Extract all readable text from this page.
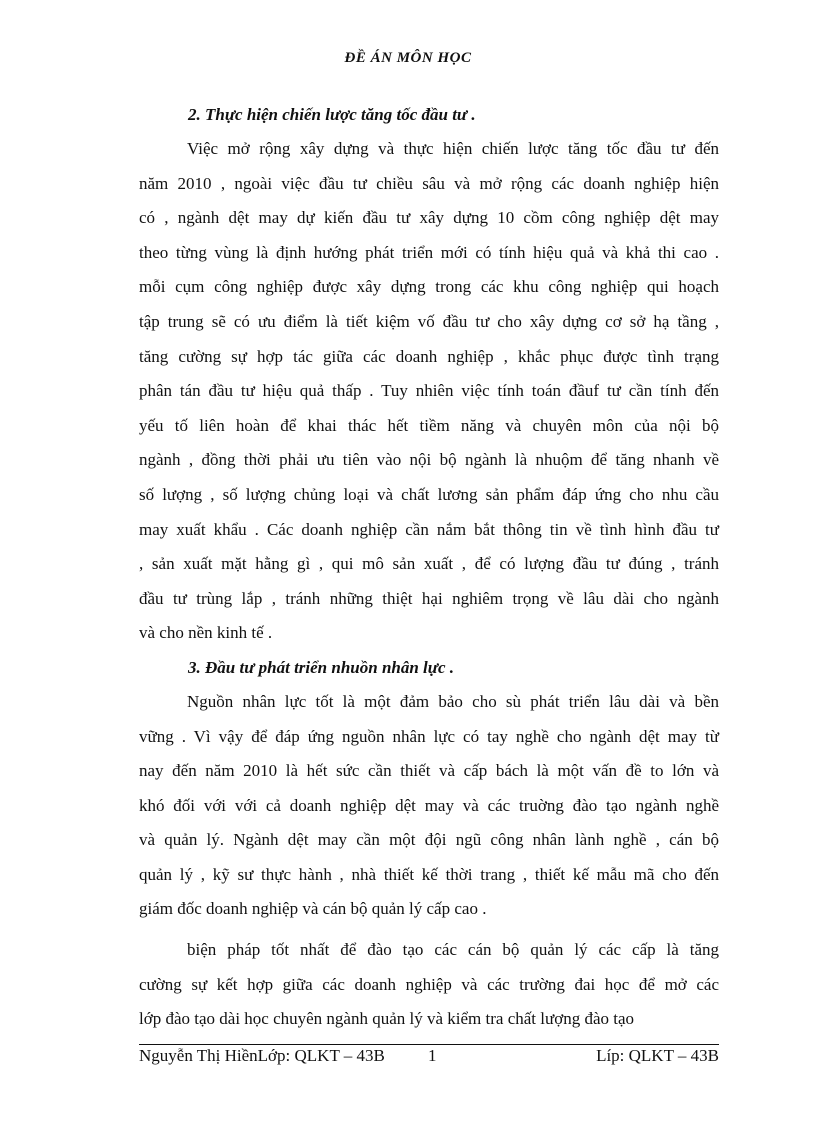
ĐỀ ÁN MÔN HỌC

2. Thực hiện chiến lược tăng tốc đầu tư .

Việc mở rộng xây dựng và thực hiện chiến lược tăng tốc đầu tư đến
năm 2010 , ngoài việc đầu tư chiều sâu và mở rộng các doanh nghiệp hiện
có , ngành dệt may dự kiến đầu tư xây dựng 10 cồm công nghiệp dệt may
theo từng vùng là định hướng phát triển mới có tính hiệu quả và khả thi cao .
mỗi cụm công nghiệp được xây dựng trong các khu công nghiệp qui hoạch
tập trung sẽ có ưu điểm là tiết kiệm vố đầu tư cho xây dựng cơ sở hạ tầng ,
tăng cường sự hợp tác giữa các doanh nghiệp , khắc phục được tình trạng
phân tán đầu tư hiệu quả thấp . Tuy nhiên việc tính toán đầuf tư cần tính đến
yếu tố liên hoàn để khai thác hết tiềm năng và chuyên môn của nội bộ
ngành , đồng thời phải ưu tiên vào nội bộ ngành là nhuộm để tăng nhanh về
số lượng , số lượng chủng loại và chất lương sản phẩm đáp ứng cho nhu cầu
may xuất khẩu . Các doanh nghiệp cần nắm bắt thông tin về tình hình đầu tư
, sản xuất mặt hằng gì , qui mô sản xuất , để có lượng đầu tư đúng , tránh
đầu tư trùng lắp , tránh những thiệt hại nghiêm trọng về lâu dài cho ngành
và cho nền kinh tế .

3. Đầu tư phát triển nhuồn nhân lực .

Nguồn nhân lực tốt là một đảm bảo cho sù phát triển lâu dài và bền
vững . Vì vậy để đáp ứng nguồn nhân lực có tay nghề cho ngành dệt may từ
nay đến năm 2010 là hết sức cần thiết và cấp bách là một vấn đề to lớn và
khó đối với với cả doanh nghiệp dệt may và các truờng đào tạo ngành nghề
và quản lý. Ngành dệt may cần một đội ngũ công nhân lành nghề , cán bộ
quản lý , kỹ sư thực hành , nhà thiết kế thời trang , thiết kế mẫu mã cho đến
giám đốc doanh nghiệp và cán bộ quản lý cấp cao .

biện pháp tốt nhất để đào tạo các cán bộ quản lý các cấp là tăng
cường sự kết hợp giữa các doanh nghiệp và các trường đai học để mở các
lớp đào tạo dài học chuyên ngành quản lý và kiểm tra chất lượng đào tạo

Nguyễn Thị HiềnLớp: QLKT – 43B	1	Líp: QLKT – 43B
